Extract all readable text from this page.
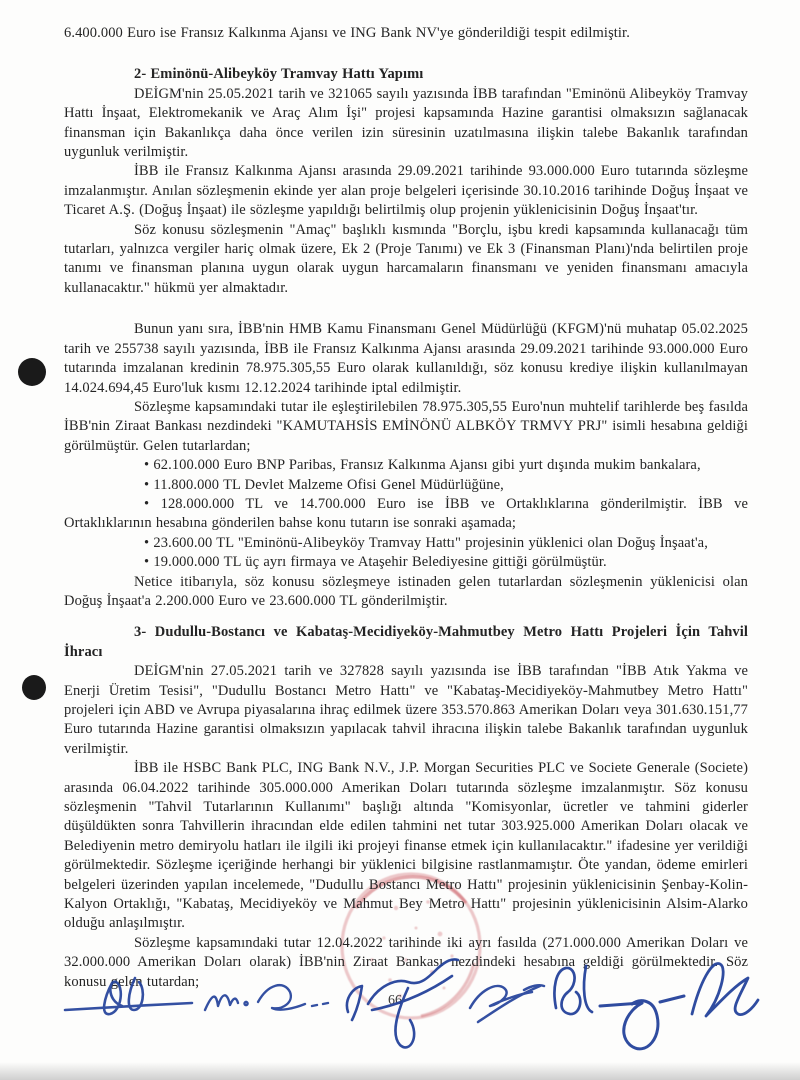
6.400.000 Euro ise Fransız Kalkınma Ajansı ve ING Bank NV'ye gönderildiği tespit edilmiştir.

2- Eminönü-Alibeyköy Tramvay Hattı Yapımı

DEİGM'nin 25.05.2021 tarih ve 321065 sayılı yazısında İBB tarafından "Eminönü Alibeyköy Tramvay Hattı İnşaat, Elektromekanik ve Araç Alım İşi" projesi kapsamında Hazine garantisi olmaksızın sağlanacak finansman için Bakanlıkça daha önce verilen izin süresinin uzatılmasına ilişkin talebe Bakanlık tarafından uygunluk verilmiştir.

İBB ile Fransız Kalkınma Ajansı arasında 29.09.2021 tarihinde 93.000.000 Euro tutarında sözleşme imzalanmıştır. Anılan sözleşmenin ekinde yer alan proje belgeleri içerisinde 30.10.2016 tarihinde Doğuş İnşaat ve Ticaret A.Ş. (Doğuş İnşaat) ile sözleşme yapıldığı belirtilmiş olup projenin yüklenicisinin Doğuş İnşaat'tır.

Söz konusu sözleşmenin "Amaç" başlıklı kısmında "Borçlu, işbu kredi kapsamında kullanacağı tüm tutarları, yalnızca vergiler hariç olmak üzere, Ek 2 (Proje Tanımı) ve Ek 3 (Finansman Planı)'nda belirtilen proje tanımı ve finansman planına uygun olarak uygun harcamaların finansmanı ve yeniden finansmanı amacıyla kullanacaktır." hükmü yer almaktadır.

Bunun yanı sıra, İBB'nin HMB Kamu Finansmanı Genel Müdürlüğü (KFGM)'nü muhatap 05.02.2025 tarih ve 255738 sayılı yazısında, İBB ile Fransız Kalkınma Ajansı arasında 29.09.2021 tarihinde 93.000.000 Euro tutarında imzalanan kredinin 78.975.305,55 Euro olarak kullanıldığı, söz konusu krediye ilişkin kullanılmayan 14.024.694,45 Euro'luk kısmı 12.12.2024 tarihinde iptal edilmiştir.

Sözleşme kapsamındaki tutar ile eşleştirilebilen 78.975.305,55 Euro'nun muhtelif tarihlerde beş fasılda İBB'nin Ziraat Bankası nezdindeki "KAMUTAHSİS EMİNÖNÜ ALBKÖY TRMVY PRJ" isimli hesabına geldiği görülmüştür. Gelen tutarlardan;

• 62.100.000 Euro BNP Paribas, Fransız Kalkınma Ajansı gibi yurt dışında mukim bankalara,

• 11.800.000 TL Devlet Malzeme Ofisi Genel Müdürlüğüne,

• 128.000.000 TL ve 14.700.000 Euro ise İBB ve Ortaklıklarına gönderilmiştir. İBB ve Ortaklıklarının hesabına gönderilen bahse konu tutarın ise sonraki aşamada;

• 23.600.00 TL "Eminönü-Alibeyköy Tramvay Hattı" projesinin yüklenici olan Doğuş İnşaat'a,

• 19.000.000 TL üç ayrı firmaya ve Ataşehir Belediyesine gittiği görülmüştür.

Netice itibarıyla, söz konusu sözleşmeye istinaden gelen tutarlardan sözleşmenin yüklenicisi olan Doğuş İnşaat'a 2.200.000 Euro ve 23.600.000 TL gönderilmiştir.

3- Dudullu-Bostancı ve Kabataş-Mecidiyeköy-Mahmutbey Metro Hattı Projeleri İçin Tahvil İhracı

DEİGM'nin 27.05.2021 tarih ve 327828 sayılı yazısında ise İBB tarafından "İBB Atık Yakma ve Enerji Üretim Tesisi", "Dudullu Bostancı Metro Hattı" ve "Kabataş-Mecidiyeköy-Mahmutbey Metro Hattı" projeleri için ABD ve Avrupa piyasalarına ihraç edilmek üzere 353.570.863 Amerikan Doları veya 301.630.151,77 Euro tutarında Hazine garantisi olmaksızın yapılacak tahvil ihracına ilişkin talebe Bakanlık tarafından uygunluk verilmiştir.

İBB ile HSBC Bank PLC, ING Bank N.V., J.P. Morgan Securities PLC ve Societe Generale (Societe) arasında 06.04.2022 tarihinde 305.000.000 Amerikan Doları tutarında sözleşme imzalanmıştır. Söz konusu sözleşmenin "Tahvil Tutarlarının Kullanımı" başlığı altında "Komisyonlar, ücretler ve tahmini giderler düşüldükten sonra Tahvillerin ihracından elde edilen tahmini net tutar 303.925.000 Amerikan Doları olacak ve Belediyenin metro demiryolu hatları ile ilgili iki projeyi finanse etmek için kullanılacaktır." ifadesine yer verildiği görülmektedir. Sözleşme içeriğinde herhangi bir yüklenici bilgisine rastlanmamıştır. Öte yandan, ödeme emirleri belgeleri üzerinden yapılan incelemede, "Dudullu Bostancı Metro Hattı" projesinin yüklenicisinin Şenbay-Kolin-Kalyon Ortaklığı, "Kabataş, Mecidiyeköy ve Mahmut Bey Metro Hattı" projesinin yüklenicisinin Alsim-Alarko olduğu anlaşılmıştır.

Sözleşme kapsamındaki tutar 12.04.2022 tarihinde iki ayrı fasılda (271.000.000 Amerikan Doları ve 32.000.000 Amerikan Doları olarak) İBB'nin Ziraat Bankası nezdindeki hesabına geldiği görülmektedir. Söz konusu gelen tutardan;

66
